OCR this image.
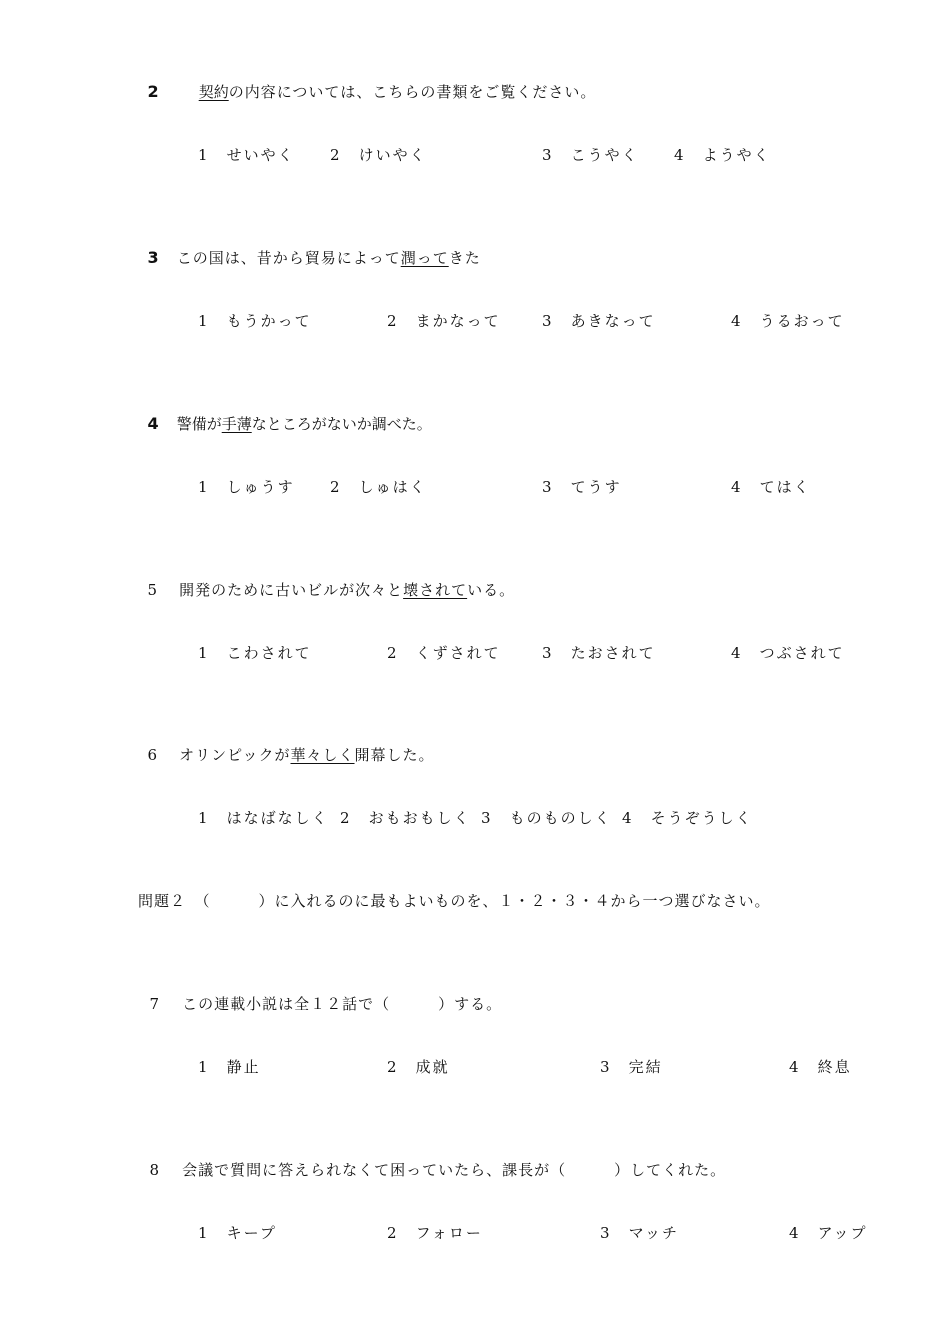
2	契約の内容については、こちらの書類をご覧ください。

1　 せいやく 2　 けいやく	3　 こうやく 4　 ようやく

3 この国は、昔から貿易によって潤ってきた

1　 もうかって	2　 まかなって	3　 あきなって	4　 うるおって

4 警備が手薄なところがないか調べた。

1　 しゅうす 2　 しゅはく	3　 てうす	4　 てはく

5 開発のために古いビルが次々と壊されている。

1　 こわされて	2　 くずされて	3　 たおされて	4　 つぶされて

6 オリンピックが華々しく開幕した。

1　 はなばなしく 2　 おもおもしく 3　 ものものしく 4　 そうぞうしく
問題２　（　　　）に入れるのに最もよいものを、１・２・３・４から一つ選びなさい。

7 この連載小説は全１２話で（　　　）する。

1　 静止	2　 成就	3　 完結	4　 終息

8 会議で質問に答えられなくて困っていたら、課長が（　　　）してくれた。

1　 キープ	2　 フォロー	3　 マッチ	4　 アップ
